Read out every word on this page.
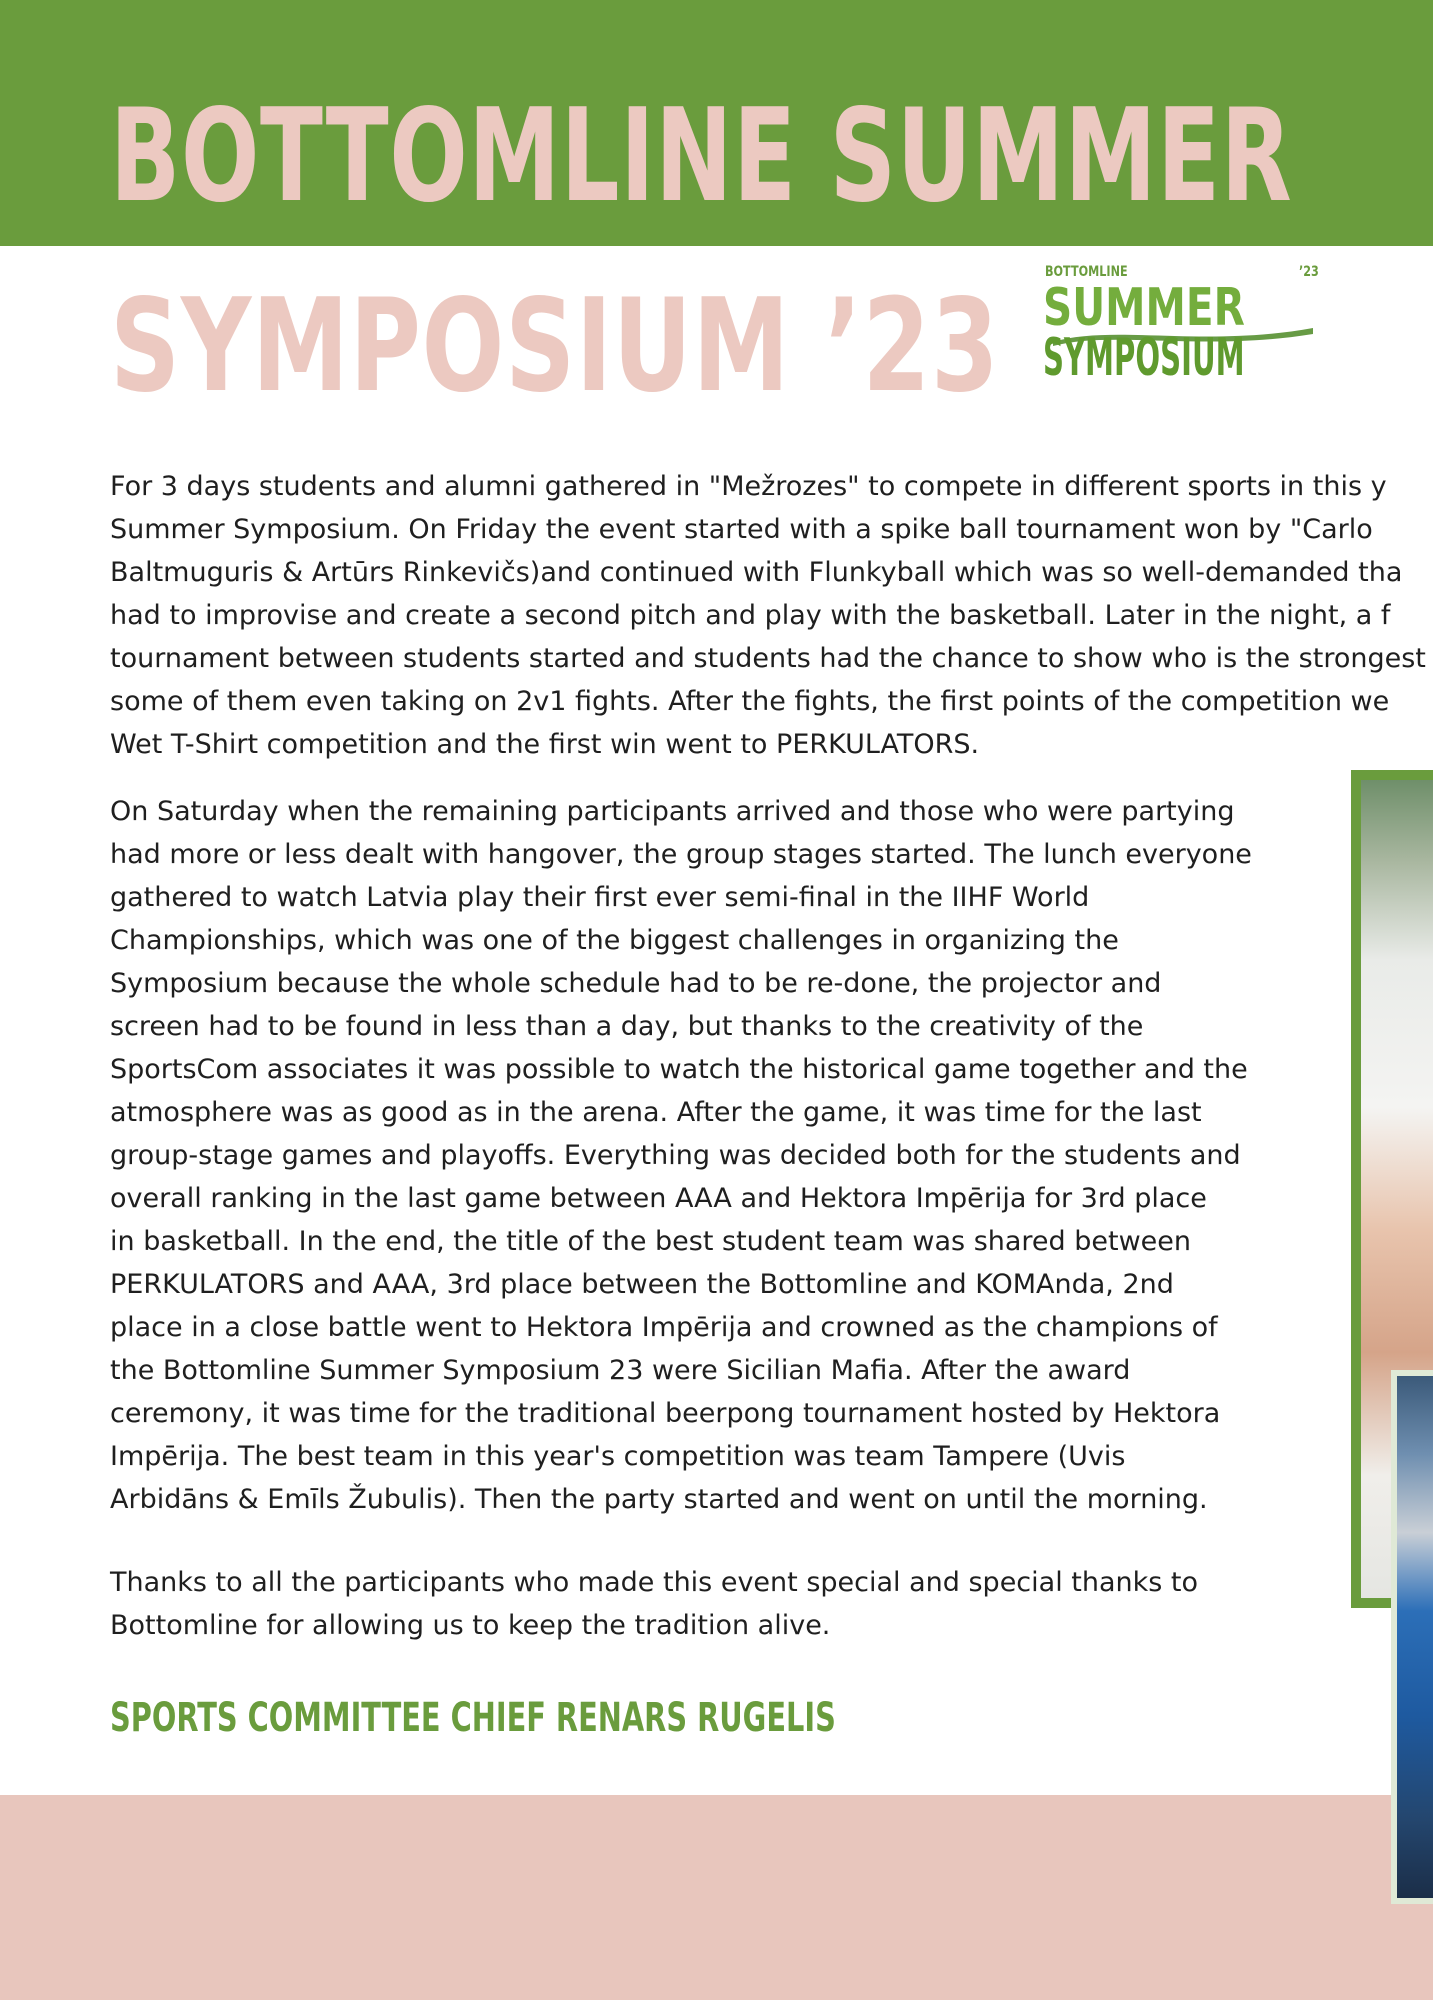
BOTTOMLINE SUMMER
SYMPOSIUM ’23	BOTTOMLINE	’23
SUMMER
SYMPOSIUM
For 3 days students and alumni gathered in "Mežrozes" to compete in different sports in this y
Summer Symposium. On Friday the event started with a spike ball tournament won by "Carlo
Baltmuguris & Artūrs Rinkevičs)and continued with Flunkyball which was so well-demanded tha
had to improvise and create a second pitch and play with the basketball. Later in the night, a f
tournament between students started and students had the chance to show who is the strongest
some of them even taking on 2v1 fights. After the fights, the first points of the competition we
Wet T-Shirt competition and the first win went to PERKULATORS.
On Saturday when the remaining participants arrived and those who were partying
had more or less dealt with hangover, the group stages started. The lunch everyone
gathered to watch Latvia play their first ever semi-final in the IIHF World
Championships, which was one of the biggest challenges in organizing the
Symposium because the whole schedule had to be re-done, the projector and
screen had to be found in less than a day, but thanks to the creativity of the
SportsCom associates it was possible to watch the historical game together and the
atmosphere was as good as in the arena. After the game, it was time for the last
group-stage games and playoffs. Everything was decided both for the students and
overall ranking in the last game between AAA and Hektora Impērija for 3rd place
in basketball. In the end, the title of the best student team was shared between
PERKULATORS and AAA, 3rd place between the Bottomline and KOMAnda, 2nd
place in a close battle went to Hektora Impērija and crowned as the champions of
the Bottomline Summer Symposium 23 were Sicilian Mafia. After the award
ceremony, it was time for the traditional beerpong tournament hosted by Hektora
Impērija. The best team in this year's competition was team Tampere (Uvis
Arbidāns & Emīls Žubulis). Then the party started and went on until the morning.
Thanks to all the participants who made this event special and special thanks to
Bottomline for allowing us to keep the tradition alive.

SPORTS COMMITTEE CHIEF RENARS RUGELIS
